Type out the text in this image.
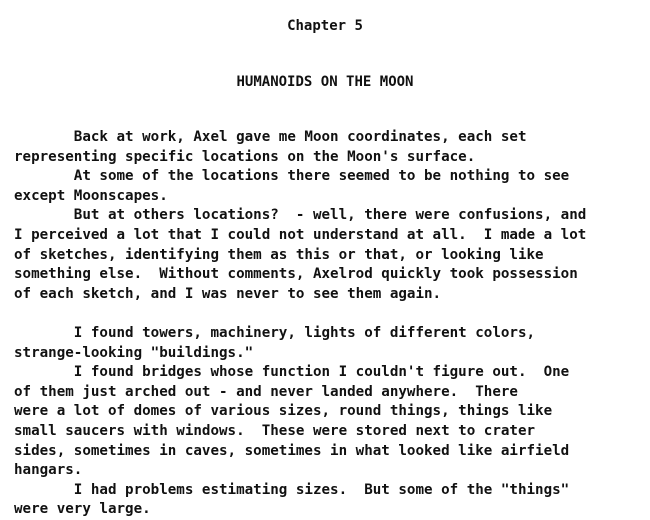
Chapter 5
HUMANOIDS ON THE MOON
Back at work, Axel gave me Moon coordinates, each set
representing specific locations on the Moon's surface.
At some of the locations there seemed to be nothing to see
except Moonscapes.
But at others locations?  - well, there were confusions, and
I perceived a lot that I could not understand at all.  I made a lot
of sketches, identifying them as this or that, or looking like
something else.  Without comments, Axelrod quickly took possession
of each sketch, and I was never to see them again.
I found towers, machinery, lights of different colors,
strange-looking "buildings."
I found bridges whose function I couldn't figure out.  One
of them just arched out - and never landed anywhere.  There
were a lot of domes of various sizes, round things, things like
small saucers with windows.  These were stored next to crater
sides, sometimes in caves, sometimes in what looked like airfield
hangars.
I had problems estimating sizes.  But some of the "things"
were very large.
